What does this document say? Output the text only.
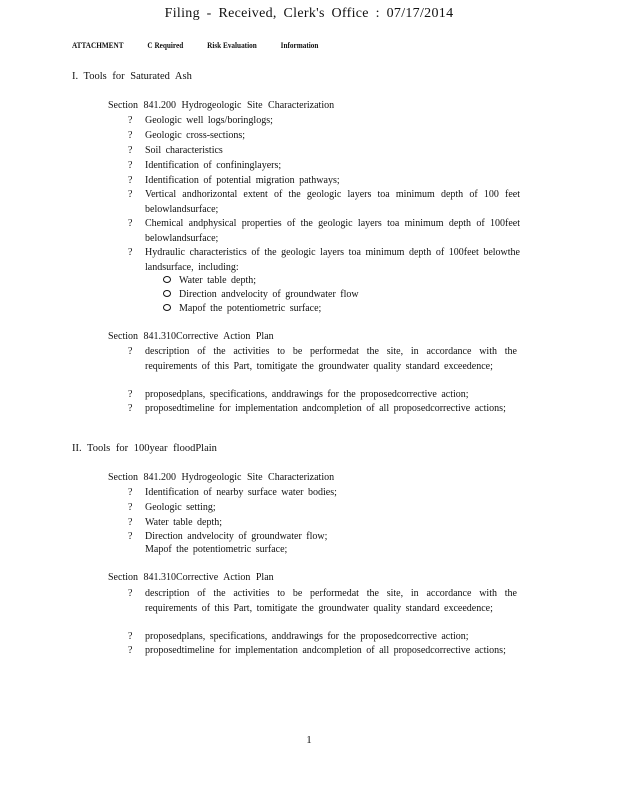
Filing - Received, Clerk's Office : 07/17/2014
ATTACHMENT	C Required	Risk Evaluation	Information
I. Tools for Saturated Ash
Section 841.200 Hydrogeologic Site Characterization
? Geologic well logs/boringlogs;
? Geologic cross-sections;
? Soil characteristics
? Identification of confininglayers;
? Identification of potential migration pathways;
? Vertical andhorizontal extent of the geologic layers toa minimum depth of 100 feet belowlandsurface;
? Chemical andphysical properties of the geologic layers toa minimum depth of 100feet belowlandsurface;
? Hydraulic characteristics of the geologic layers toa minimum depth of 100feet belowthe landsurface, including:
Water table depth;
Direction andvelocity of groundwater flow
Mapof the potentiometric surface;
Section 841.310Corrective Action Plan
? description of the activities to be performedat the site, in accordance with the requirements of this Part, tomitigate the groundwater quality standard exceedence;
? proposedplans, specifications, anddrawings for the proposedcorrective action;
? proposedtimeline for implementation andcompletion of all proposedcorrective actions;
II. Tools for 100year floodPlain
Section 841.200 Hydrogeologic Site Characterization
? Identification of nearby surface water bodies;
? Geologic setting;
? Water table depth;
? Direction andvelocity of groundwater flow;
Mapof the potentiometric surface;
Section 841.310Corrective Action Plan
? description of the activities to be performedat the site, in accordance with the requirements of this Part, tomitigate the groundwater quality standard exceedence;
? proposedplans, specifications, anddrawings for the proposedcorrective action;
? proposedtimeline for implementation andcompletion of all proposedcorrective actions;
1
